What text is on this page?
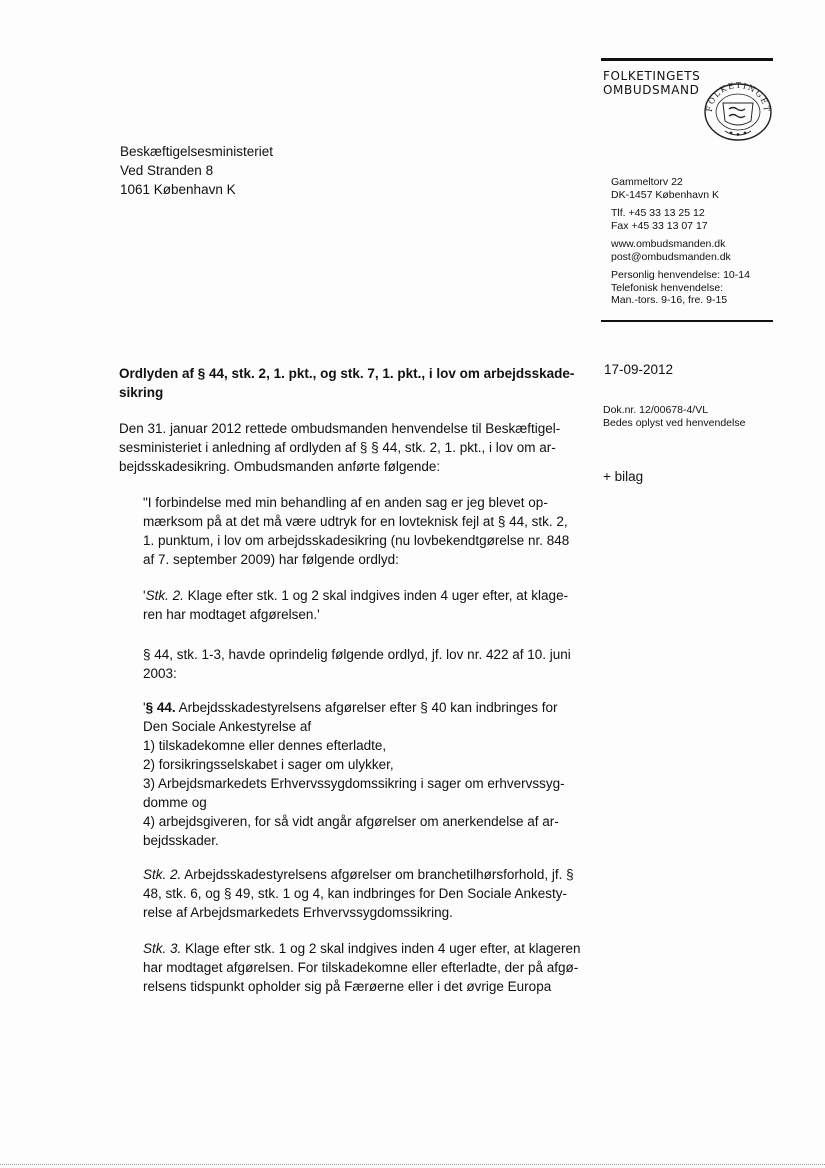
FOLKETINGETS
OMBUDSMAND
FOLKETINGET
Beskæftigelsesministeriet
Ved Stranden 8
1061 København K	Gammeltorv 22
DK-1457 København K
Tlf. +45 33 13 25 12
Fax +45 33 13 07 17
www.ombudsmanden.dk
post@ombudsmanden.dk
Personlig henvendelse: 10-14
Telefonisk henvendelse:
Man.-tors. 9-16, fre. 9-15
17-09-2012
Dok.nr. 12/00678-4/VL
Bedes oplyst ved henvendelse
+ bilag
Ordlyden af § 44, stk. 2, 1. pkt., og stk. 7, 1. pkt., i lov om arbejdsskade-
sikring

Den 31. januar 2012 rettede ombudsmanden henvendelse til Beskæftigel-

sesministeriet i anledning af ordlyden af § § 44, stk. 2, 1. pkt., i lov om ar-

bejdsskadesikring. Ombudsmanden anførte følgende:

"I forbindelse med min behandling af en anden sag er jeg blevet op-

mærksom på at det må være udtryk for en lovteknisk fejl at § 44, stk. 2,

1. punktum, i lov om arbejdsskadesikring (nu lovbekendtgørelse nr. 848

af 7. september 2009) har følgende ordlyd:

'Stk. 2. Klage efter stk. 1 og 2 skal indgives inden 4 uger efter, at klage-

ren har modtaget afgørelsen.'

§ 44, stk. 1-3, havde oprindelig følgende ordlyd, jf. lov nr. 422 af 10. juni

2003:

'§ 44. Arbejdsskadestyrelsens afgørelser efter § 40 kan indbringes for

Den Sociale Ankestyrelse af

1) tilskadekomne eller dennes efterladte,

2) forsikringsselskabet i sager om ulykker,

3) Arbejdsmarkedets Erhvervssygdomssikring i sager om erhvervssyg-

domme og

4) arbejdsgiveren, for så vidt angår afgørelser om anerkendelse af ar-

bejdsskader.

Stk. 2. Arbejdsskadestyrelsens afgørelser om branchetilhørsforhold, jf. §

48, stk. 6, og § 49, stk. 1 og 4, kan indbringes for Den Sociale Ankesty-

relse af Arbejdsmarkedets Erhvervssygdomssikring.

Stk. 3. Klage efter stk. 1 og 2 skal indgives inden 4 uger efter, at klageren

har modtaget afgørelsen. For tilskadekomne eller efterladte, der på afgø-

relsens tidspunkt opholder sig på Færøerne eller i det øvrige Europa
